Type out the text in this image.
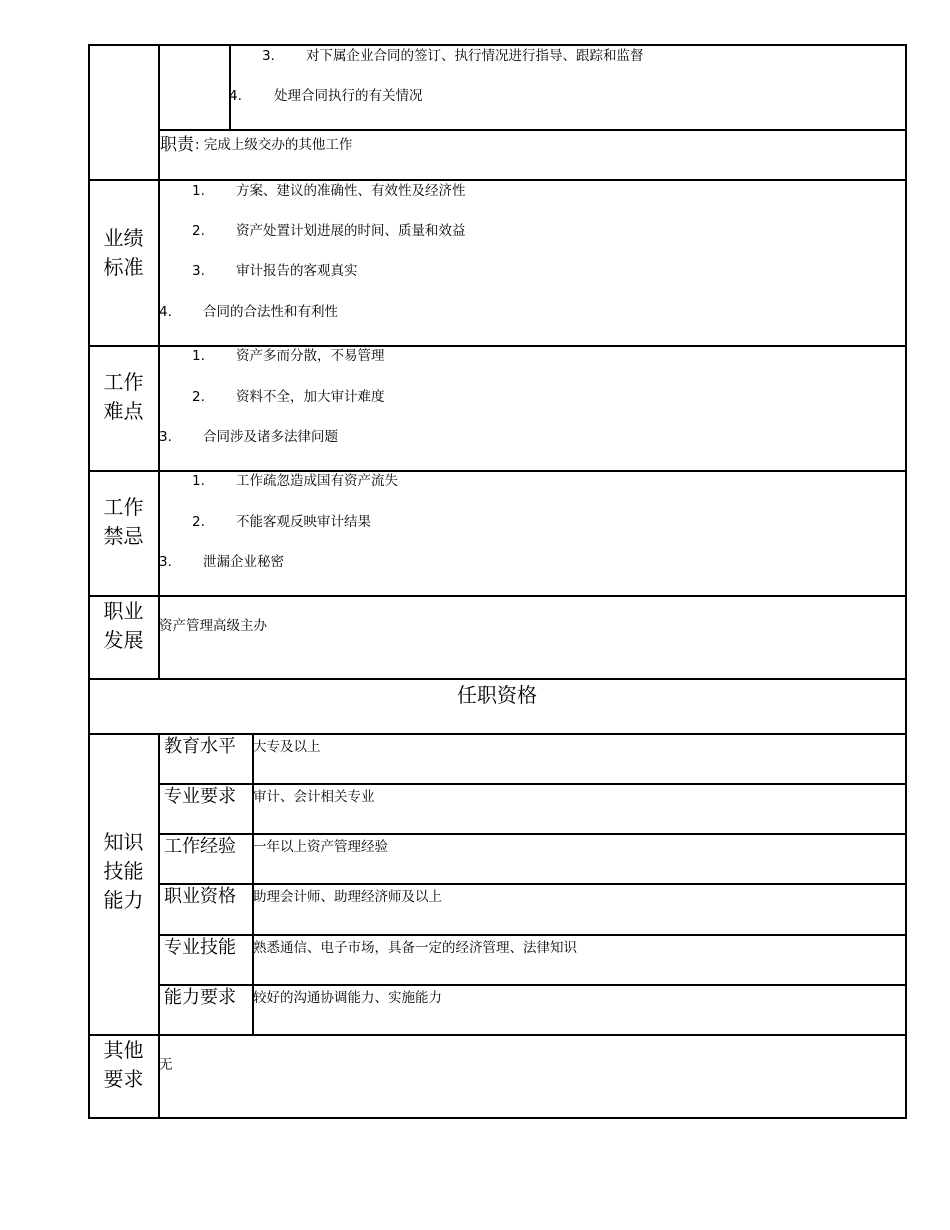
3. 对下属企业合同的签订、执行情况进行指导、跟踪和监督
4. 处理合同执行的有关情况
职责 : 完成上级交办的其他工作
业绩
标准
1. 方案、建议的准确性、有效性及经济性
2. 资产处置计划进展的时间、质量和效益
3. 审计报告的客观真实
4. 合同的合法性和有利性
工作
难点
1. 资产多而分散，不易管理
2. 资料不全，加大审计难度
3. 合同涉及诸多法律问题
工作
禁忌
1. 工作疏忽造成国有资产流失
2. 不能客观反映审计结果
3. 泄漏企业秘密
职业
发展
资产管理高级主办
任职资格
知识
技能
能力
教育水平 大专及以上
专业要求 审计、会计相关专业
工作经验 一年以上资产管理经验
职业资格 助理会计师、助理经济师及以上
专业技能 熟悉通信、电子市场，具备一定的经济管理、法律知识
能力要求 较好的沟通协调能力、实施能力
其他
要求
无
